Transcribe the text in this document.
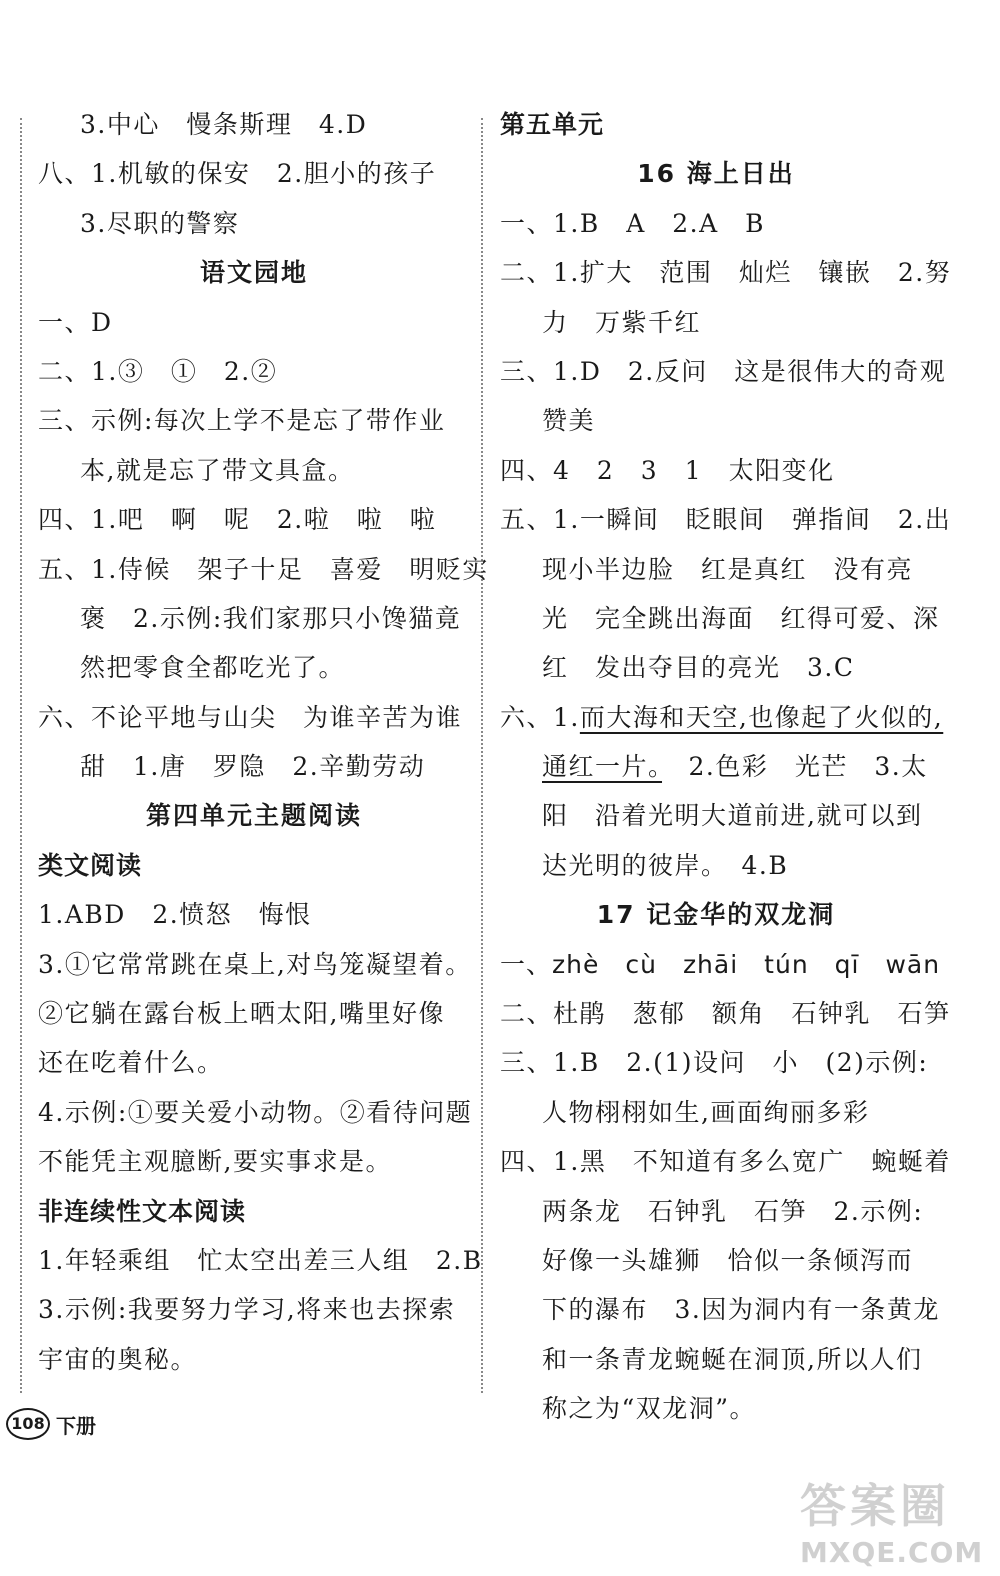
3.中心　慢条斯理　4.D
八、1.机敏的保安　2.胆小的孩子
3.尽职的警察
语文园地
一、D
二、1.③　①　2.②
三、示例:每次上学不是忘了带作业
本,就是忘了带文具盒。
四、1.吧　啊　呢　2.啦　啦　啦
五、1.侍候　架子十足　喜爱　明贬实
褒　2.示例:我们家那只小馋猫竟
然把零食全都吃光了。
六、不论平地与山尖　为谁辛苦为谁
甜　1.唐　罗隐　2.辛勤劳动
第四单元主题阅读
类文阅读
1.ABD　2.愤怒　悔恨
3.①它常常跳在桌上,对鸟笼凝望着。
②它躺在露台板上晒太阳,嘴里好像
还在吃着什么。
4.示例:①要关爱小动物。②看待问题
不能凭主观臆断,要实事求是。
非连续性文本阅读
1.年轻乘组　忙太空出差三人组　2.B
3.示例:我要努力学习,将来也去探索
宇宙的奥秘。
第五单元
16 海上日出
一、1.B　A　2.A　B
二、1.扩大　范围　灿烂　镶嵌　2.努
力　万紫千红
三、1.D　2.反问　这是很伟大的奇观
赞美
四、4　2　3　1　太阳变化
五、1.一瞬间　眨眼间　弹指间　2.出
现小半边脸　红是真红　没有亮
光　完全跳出海面　红得可爱、深
红　发出夺目的亮光　3.C
六、1.而大海和天空,也像起了火似的,
通红一片。　2.色彩　光芒　3.太
阳　沿着光明大道前进,就可以到
达光明的彼岸。　4.B
17 记金华的双龙洞
一、zhè　cù　zhāi　tún　qī　wān
二、杜鹃　葱郁　额角　石钟乳　石笋
三、1.B　2.(1)设问　小　(2)示例:
人物栩栩如生,画面绚丽多彩
四、1.黑　不知道有多么宽广　蜿蜒着
两条龙　石钟乳　石笋　2.示例:
好像一头雄狮　恰似一条倾泻而
下的瀑布　3.因为洞内有一条黄龙
和一条青龙蜿蜒在洞顶,所以人们
称之为“双龙洞”。
108 下册
答案圈
MXQE.COM
